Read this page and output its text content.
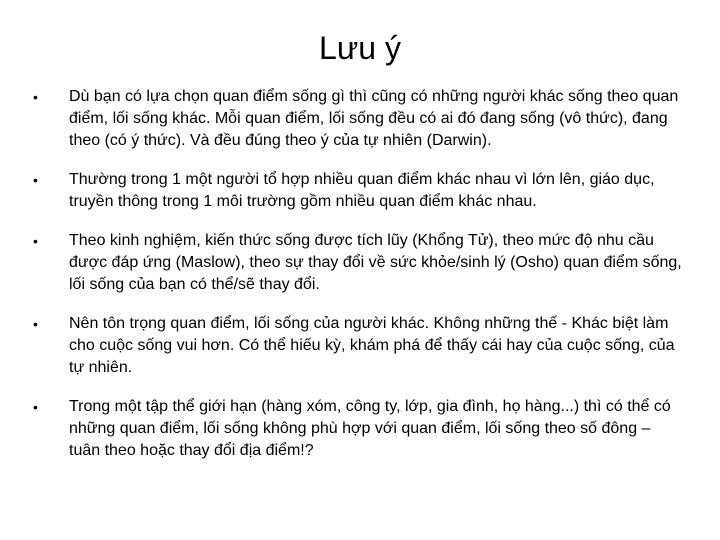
Lưu ý
•	Dù bạn có lựa chọn quan điểm sống gì thì cũng có những người khác sống theo quan điểm, lối sống khác. Mỗi quan điểm, lối sống đều có ai đó đang sống (vô thức), đang theo (có ý thức). Và đều đúng theo ý của tự nhiên (Darwin).
•	Thường trong 1 một người tổ hợp nhiều quan điểm khác nhau vì lớn lên, giáo dục, truyền thông trong 1 môi trường gồm nhiều quan điểm khác nhau.
•	Theo kinh nghiệm, kiến thức sống được tích lũy (Khổng Tử), theo mức độ nhu cầu được đáp ứng (Maslow), theo sự thay đổi về sức khỏe/sinh lý (Osho) quan điểm sống, lối sống của bạn có thể/sẽ thay đổi.
•	Nên tôn trọng quan điểm, lối sống của người khác. Không những thế - Khác biệt làm cho cuộc sống vui hơn. Có thể hiếu kỳ, khám phá để thấy cái hay của cuộc sống, của tự nhiên.
•	Trong một tập thể giới hạn (hàng xóm, công ty, lớp, gia đình, họ hàng...) thì có thể có những quan điểm, lối sống không phù hợp với quan điểm, lối sống theo số đông – tuân theo hoặc thay đổi địa điểm!?
